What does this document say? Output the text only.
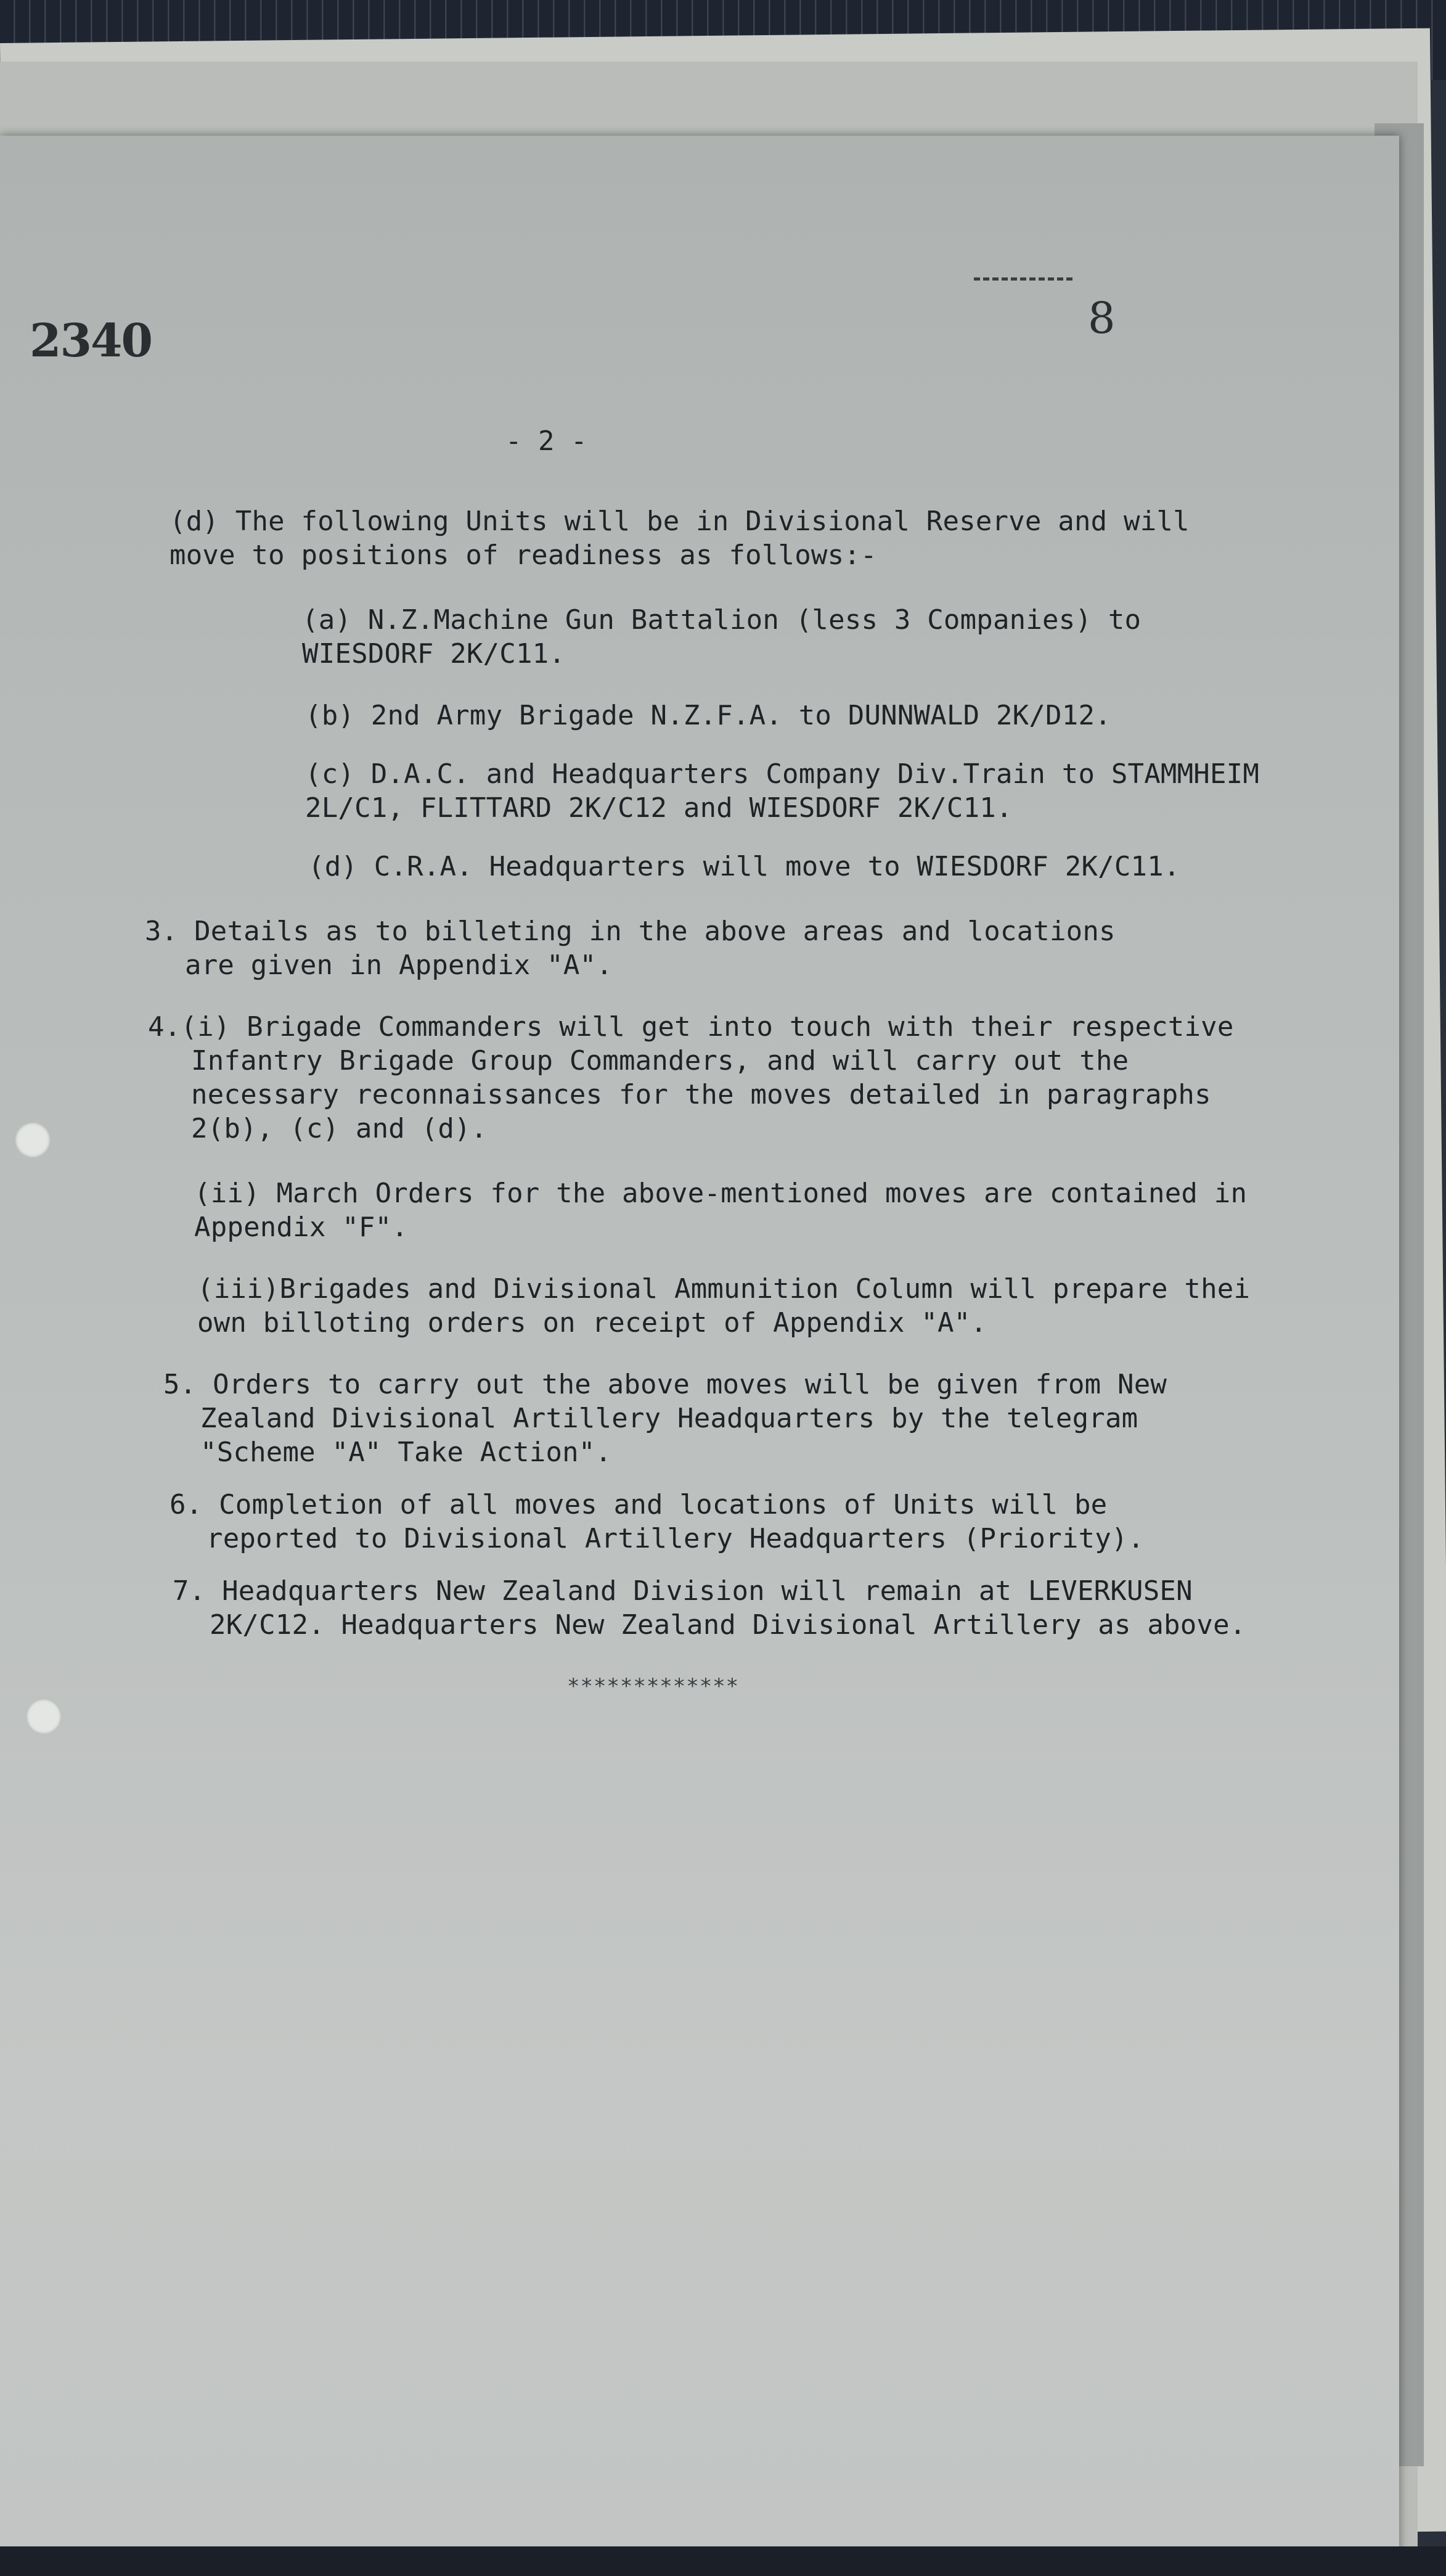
2340	8
- 2 -
(d) The following Units will be in Divisional Reserve and will
move to positions of readiness as follows:-
(a) N.Z.Machine Gun Battalion (less 3 Companies) to
WIESDORF 2K/C11.
(b) 2nd Army Brigade N.Z.F.A. to DUNNWALD 2K/D12.
(c) D.A.C. and Headquarters Company Div.Train to STAMMHEIM
2L/C1, FLITTARD 2K/C12 and WIESDORF 2K/C11.
(d) C.R.A. Headquarters will move to WIESDORF 2K/C11.
3. Details as to billeting in the above areas and locations
are given in Appendix "A".
4.(i) Brigade Commanders will get into touch with their respective
Infantry Brigade Group Commanders, and will carry out the
necessary reconnaissances for the moves detailed in paragraphs
2(b), (c) and (d).
(ii) March Orders for the above-mentioned moves are contained in
Appendix "F".
(iii)Brigades and Divisional Ammunition Column will prepare thei
own billoting orders on receipt of Appendix "A".
5. Orders to carry out the above moves will be given from New
Zealand Divisional Artillery Headquarters by the telegram
"Scheme "A" Take Action".
6. Completion of all moves and locations of Units will be
reported to Divisional Artillery Headquarters (Priority).
7. Headquarters New Zealand Division will remain at LEVERKUSEN
2K/C12. Headquarters New Zealand Divisional Artillery as above.
*************
